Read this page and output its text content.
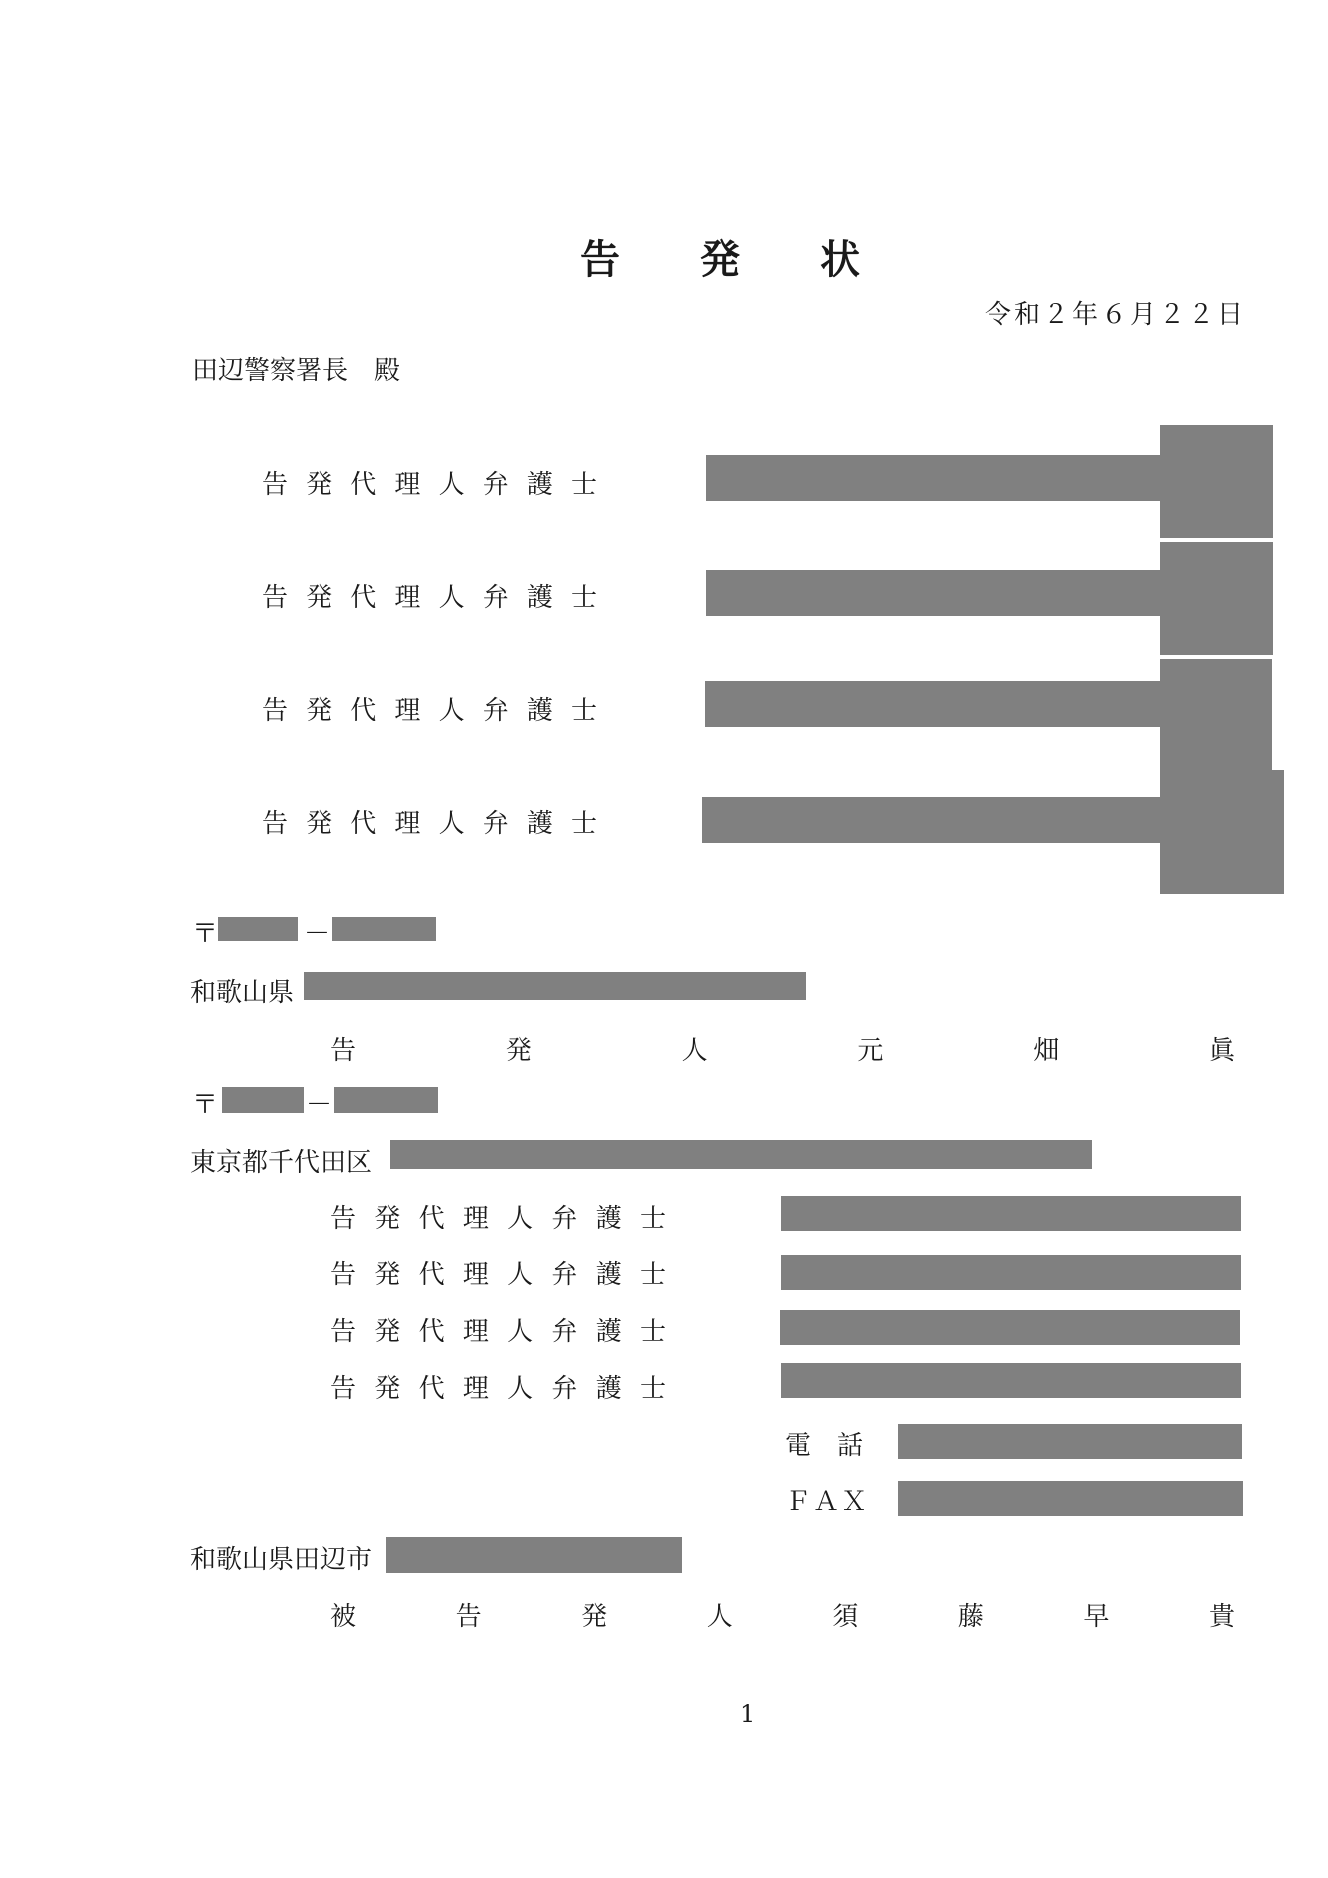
告 発 状
令和２年６月２２日
田辺警察署長　殿
告 発 代 理 人 弁 護 士
告 発 代 理 人 弁 護 士
告 発 代 理 人 弁 護 士
告 発 代 理 人 弁 護 士
〒	－
和歌山県
告	発	人	元	畑	眞
〒	－
東京都千代田区
告 発 代 理 人 弁 護 士
告 発 代 理 人 弁 護 士
告 発 代 理 人 弁 護 士
告 発 代 理 人 弁 護 士
電　話
ＦＡＸ
和歌山県田辺市
被	告	発	人	須	藤	早	貴
1
